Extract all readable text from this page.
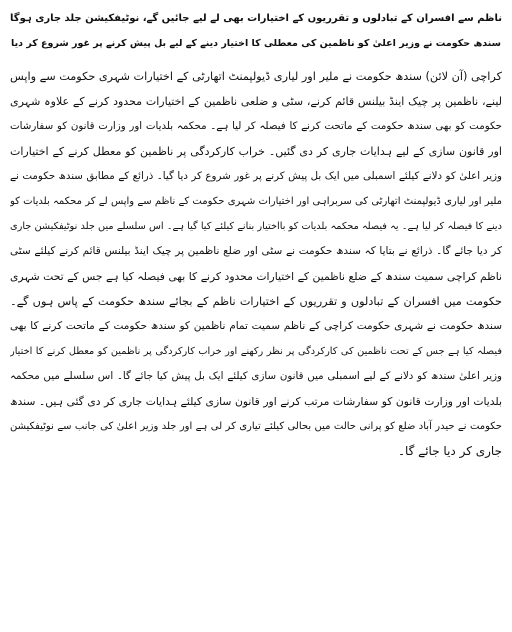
ناظم سے افسران کے تبادلوں و تقرریوں کے اختیارات بھی لے لیے جائیں گے، نوٹیفکیشن جلد جاری ہوگا
سندھ حکومت نے وزیر اعلیٰ کو ناظمین کی معطلی کا اختیار دینے کے لیے بل پیش کرنے پر غور شروع کر دیا
کراچی (آن لائن) سندھ حکومت نے ملیر اور لیاری ڈیولپمنٹ اتھارٹی کے اختیارات شہری حکومت سے واپس
لینے، ناظمین پر چیک اینڈ بیلنس قائم کرنے، سٹی و ضلعی ناظمین کے اختیارات محدود کرنے کے علاوہ شہری
حکومت کو بھی سندھ حکومت کے ماتحت کرنے کا فیصلہ کر لیا ہے۔ محکمہ بلدیات اور وزارت قانون کو سفارشات
اور قانون سازی کے لیے ہدایات جاری کر دی گئیں۔ خراب کارکردگی پر ناظمین کو معطل کرنے کے اختیارات
وزیر اعلیٰ کو دلانے کیلئے اسمبلی میں ایک بل پیش کرنے پر غور شروع کر دیا گیا۔ ذرائع کے مطابق سندھ حکومت نے
ملیر اور لیاری ڈیولپمنٹ اتھارٹی کی سربراہی اور اختیارات شہری حکومت کے ناظم سے واپس لے کر محکمہ بلدیات کو
دینے کا فیصلہ کر لیا ہے۔ یہ فیصلہ محکمہ بلدیات کو بااختیار بنانے کیلئے کیا گیا ہے۔ اس سلسلے میں جلد نوٹیفکیشن جاری
کر دیا جائے گا۔ ذرائع نے بتایا کہ سندھ حکومت نے سٹی اور ضلع ناظمین پر چیک اینڈ بیلنس قائم کرنے کیلئے سٹی
ناظم کراچی سمیت سندھ کے ضلع ناظمین کے اختیارات محدود کرنے کا بھی فیصلہ کیا ہے جس کے تحت شہری
حکومت میں افسران کے تبادلوں و تقرریوں کے اختیارات ناظم کے بجائے سندھ حکومت کے پاس ہوں گے۔
سندھ حکومت نے شہری حکومت کراچی کے ناظم سمیت تمام ناظمین کو سندھ حکومت کے ماتحت کرنے کا بھی
فیصلہ کیا ہے جس کے تحت ناظمین کی کارکردگی پر نظر رکھنے اور خراب کارکردگی پر ناظمین کو معطل کرنے کا اختیار
وزیر اعلیٰ سندھ کو دلانے کے لیے اسمبلی میں قانون سازی کیلئے ایک بل پیش کیا جائے گا۔ اس سلسلے میں محکمہ
بلدیات اور وزارت قانون کو سفارشات مرتب کرنے اور قانون سازی کیلئے ہدایات جاری کر دی گئی ہیں۔ سندھ
حکومت نے حیدر آباد ضلع کو پرانی حالت میں بحالی کیلئے تیاری کر لی ہے اور جلد وزیر اعلیٰ کی جانب سے نوٹیفکیشن
جاری کر دیا جائے گا۔
